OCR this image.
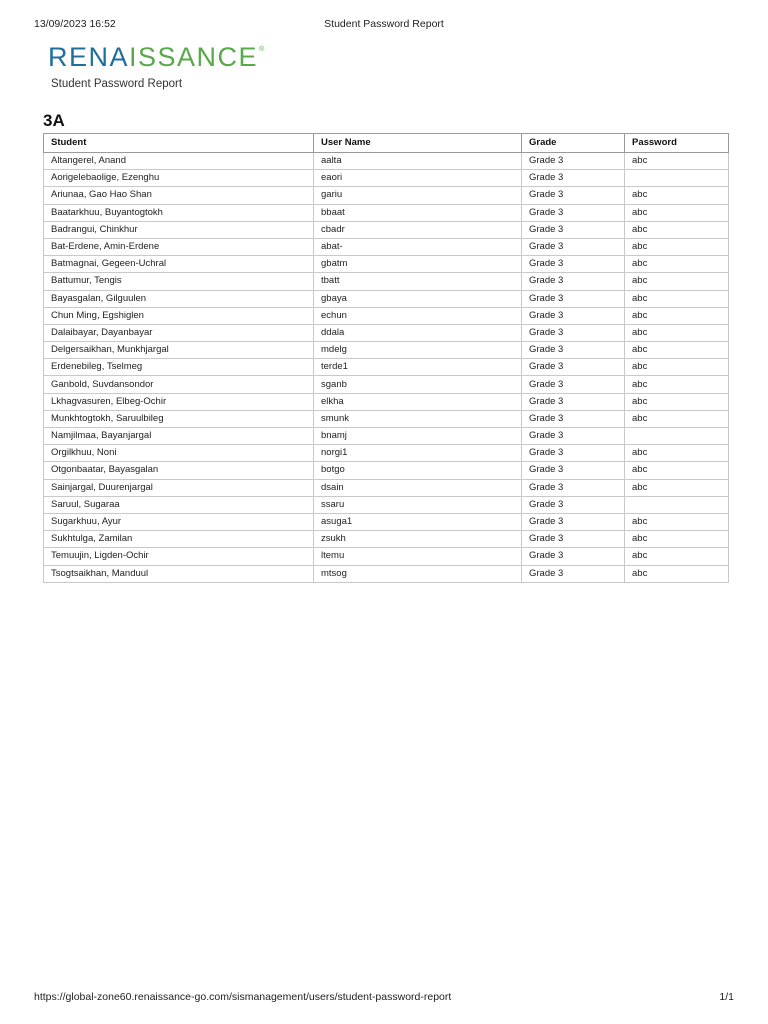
13/09/2023 16:52	Student Password Report
RENAISSANCE®
Student Password Report
3A
Student	User Name	Grade	Password
Altangerel, Anand	aalta	Grade 3	abc
Aorigelebaolige, Ezenghu	eaori	Grade 3	
Ariunaa, Gao Hao Shan	gariu	Grade 3	abc
Baatarkhuu, Buyantogtokh	bbaat	Grade 3	abc
Badrangui, Chinkhur	cbadr	Grade 3	abc
Bat-Erdene, Amin-Erdene	abat-	Grade 3	abc
Batmagnai, Gegeen-Uchral	gbatm	Grade 3	abc
Battumur, Tengis	tbatt	Grade 3	abc
Bayasgalan, Gilguulen	gbaya	Grade 3	abc
Chun Ming, Egshiglen	echun	Grade 3	abc
Dalaibayar, Dayanbayar	ddala	Grade 3	abc
Delgersaikhan, Munkhjargal	mdelg	Grade 3	abc
Erdenebileg, Tselmeg	terde1	Grade 3	abc
Ganbold, Suvdansondor	sganb	Grade 3	abc
Lkhagvasuren, Elbeg-Ochir	elkha	Grade 3	abc
Munkhtogtokh, Saruulbileg	smunk	Grade 3	abc
Namjilmaa, Bayanjargal	bnamj	Grade 3	
Orgilkhuu, Noni	norgi1	Grade 3	abc
Otgonbaatar, Bayasgalan	botgo	Grade 3	abc
Sainjargal, Duurenjargal	dsain	Grade 3	abc
Saruul, Sugaraa	ssaru	Grade 3	
Sugarkhuu, Ayur	asuga1	Grade 3	abc
Sukhtulga, Zamilan	zsukh	Grade 3	abc
Temuujin, Ligden-Ochir	ltemu	Grade 3	abc
Tsogtsaikhan, Manduul	mtsog	Grade 3	abc
https://global-zone60.renaissance-go.com/sismanagement/users/student-password-report	1/1
